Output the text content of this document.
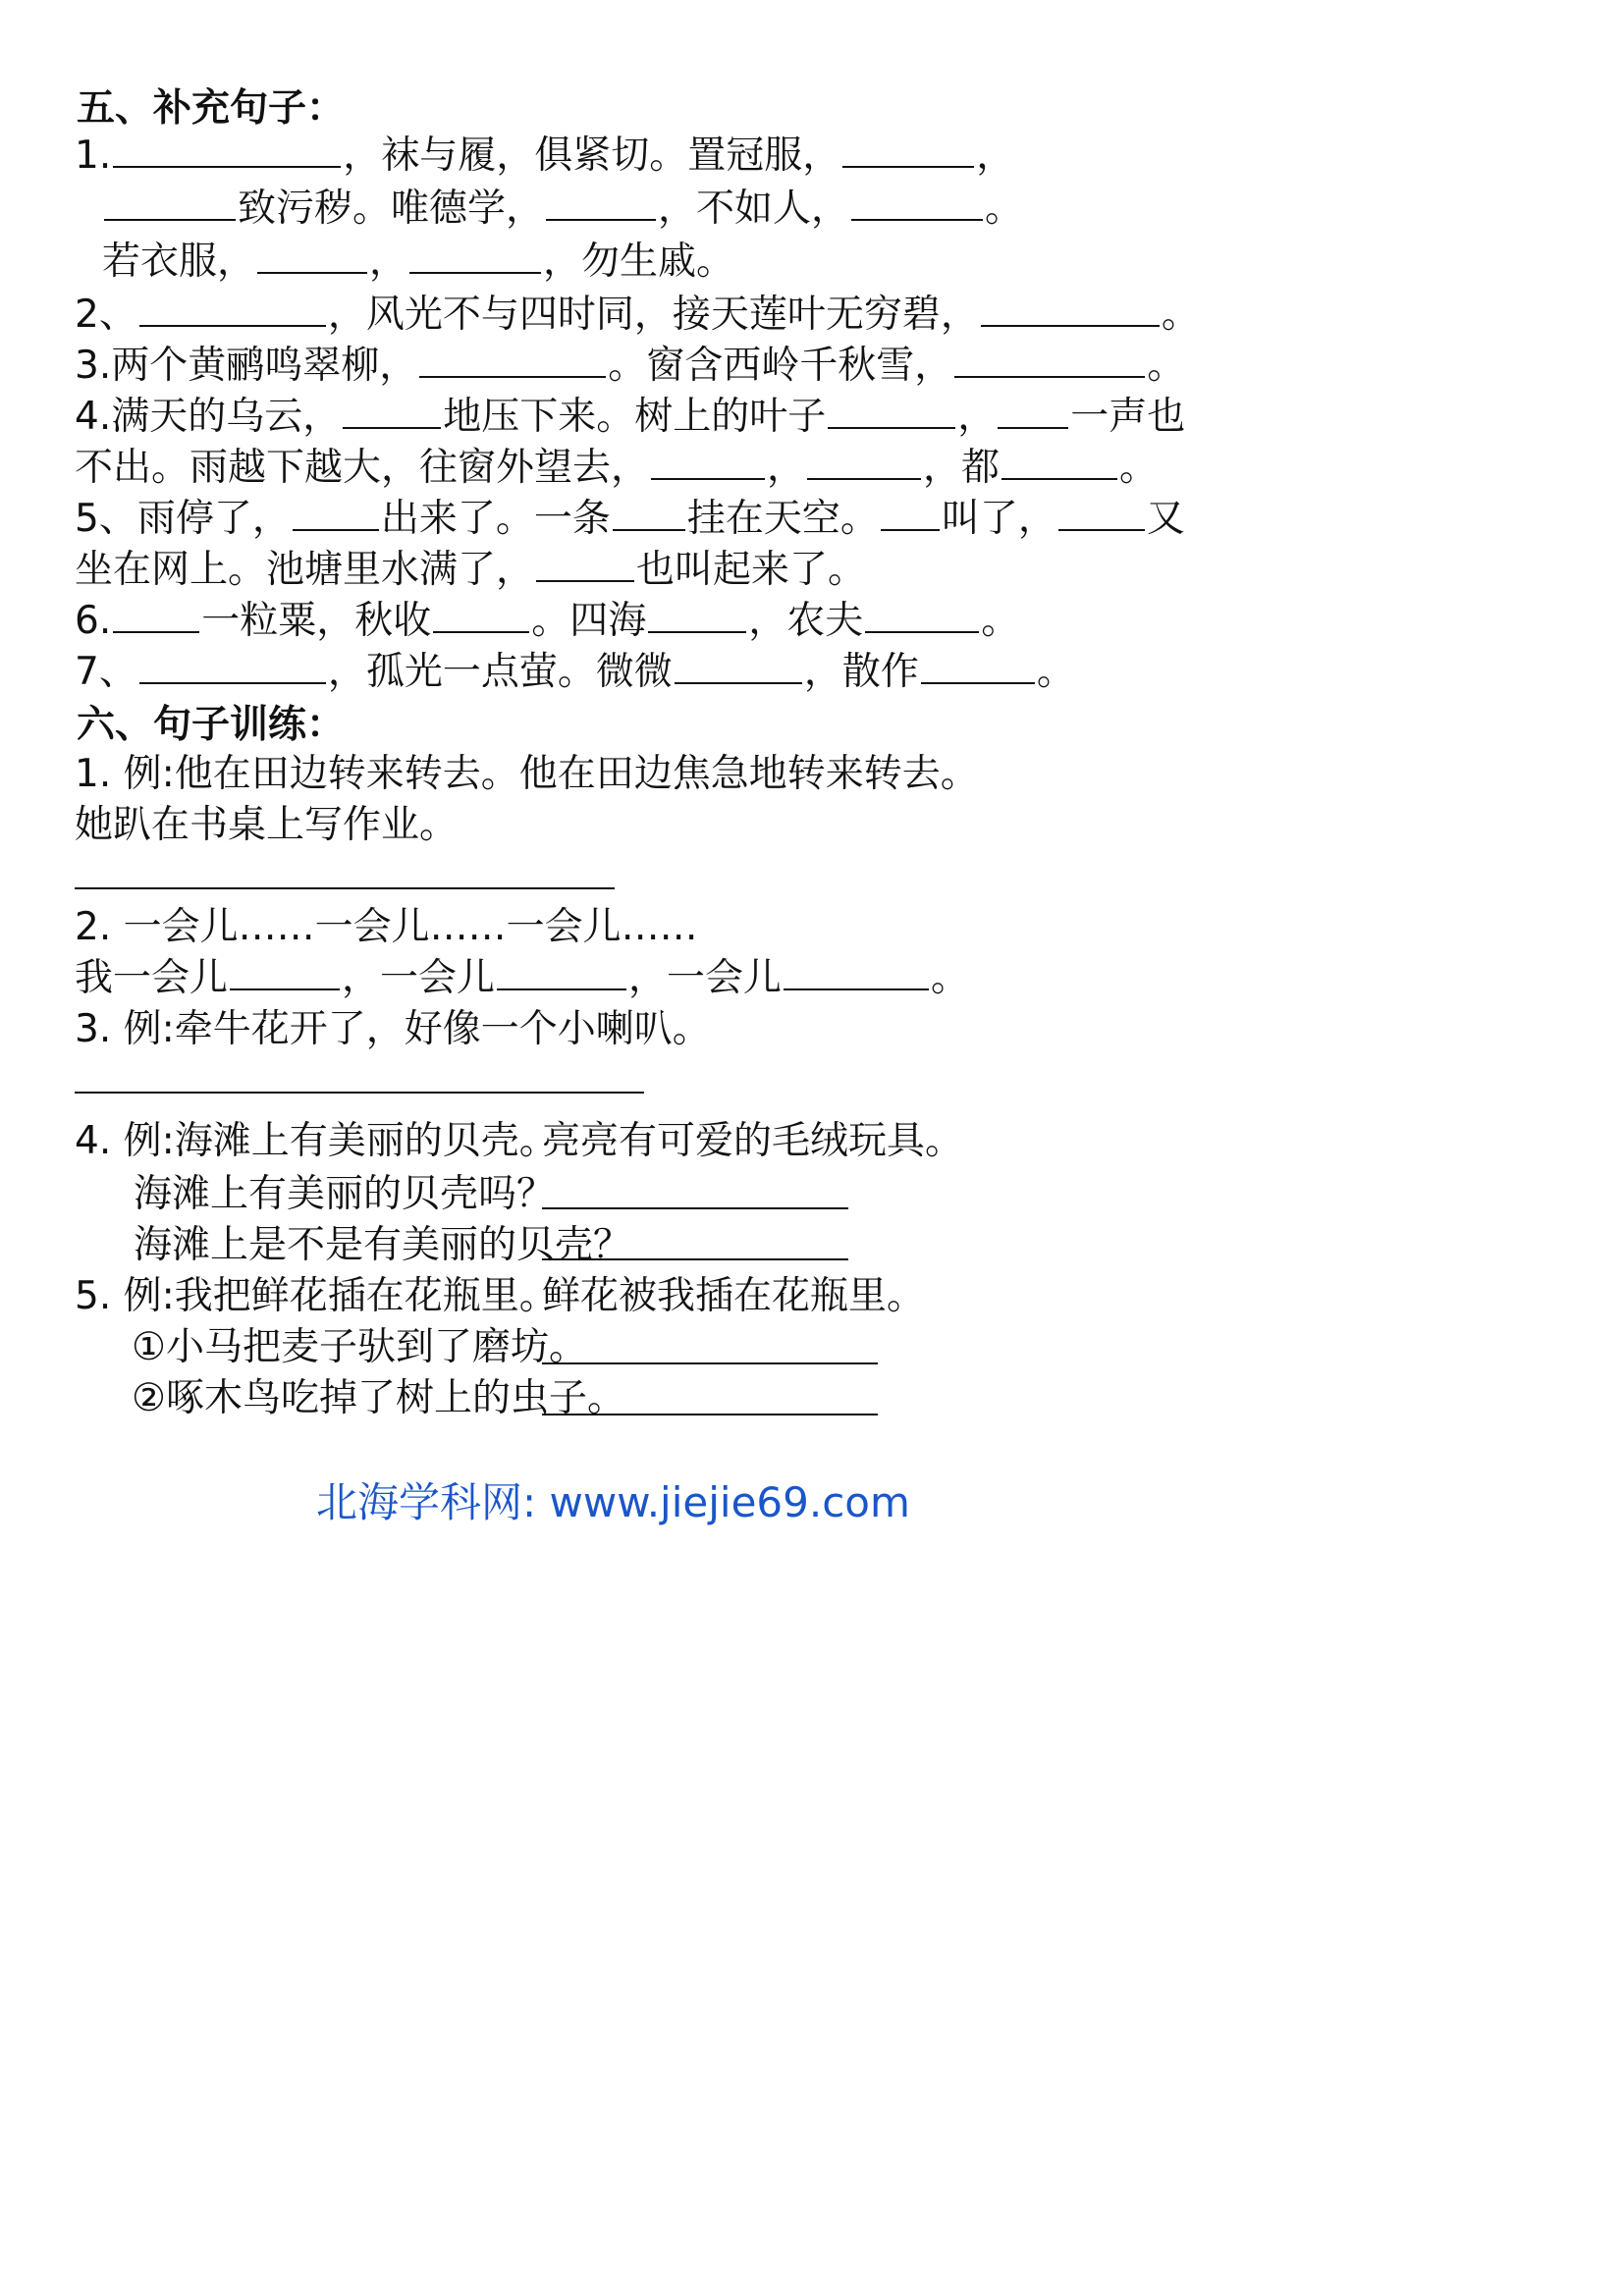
五、补充句子：
1.	，袜与履，俱紧切。置冠服，	，
致污秽。唯德学，	，不如人，	。
若衣服，	，	，勿生戚。
2、	，风光不与四时同，接天莲叶无穷碧，	。
3.两个黄鹂鸣翠柳，	。窗含西岭千秋雪，	。
4.满天的乌云，	地压下来。树上的叶子	， 一声也
不出。雨越下越大，往窗外望去，	，	，都	。
5、雨停了， 出来了。一条 挂在天空。 叫了， 又
坐在网上。池塘里水满了，	也叫起来了。
6. 一粒粟，秋收	。四海	，农夫	。
7、	，孤光一点萤。微微	，散作	。
六、句子训练：
1. 例:他在田边转来转去。他在田边焦急地转来转去。
她趴在书桌上写作业。
2. 一会儿……一会儿……一会儿……
我一会儿	，一会儿	，一会儿	。
3. 例:牵牛花开了，好像一个小喇叭。
4. 例:海滩上有美丽的贝壳。
亮亮有可爱的毛绒玩具。
海滩上有美丽的贝壳吗？
海滩上是不是有美丽的贝壳？
5. 例:我把鲜花插在花瓶里。
鲜花被我插在花瓶里。
①小马把麦子驮到了磨坊。
②啄木鸟吃掉了树上的虫子。
北海学科网: www.jiejie69.com
